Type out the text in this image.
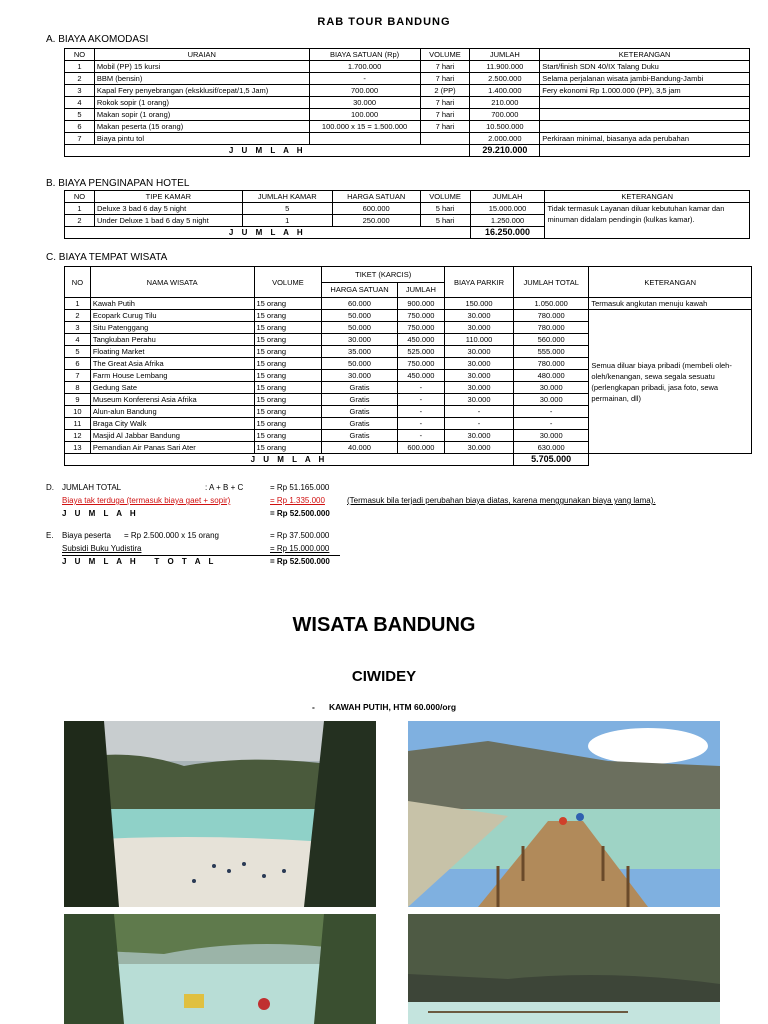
RAB TOUR BANDUNG
A. BIAYA AKOMODASI
NO	URAIAN	BIAYA SATUAN (Rp)	VOLUME	JUMLAH	KETERANGAN
1	Mobil (PP) 15 kursi	1.700.000	7 hari	11.900.000	Start/finish SDN 40/IX Talang Duku
2	BBM (bensin)	-	7 hari	2.500.000	Selama perjalanan wisata jambi-Bandung-Jambi
3	Kapal Fery penyebrangan (eksklusif/cepat/1,5 Jam)	700.000	2 (PP)	1.400.000	Fery ekonomi Rp 1.000.000 (PP), 3,5 jam
4	Rokok sopir (1 orang)	30.000	7 hari	210.000	
5	Makan sopir (1 orang)	100.000	7 hari	700.000	
6	Makan peserta (15 orang)	100.000 x 15 = 1.500.000	7 hari	10.500.000	
7	Biaya pintu tol			2.000.000	Perkiraan minimal, biasanya ada perubahan
J U M L A H				29.210.000	
B. BIAYA PENGINAPAN HOTEL
NO	TIPE KAMAR	JUMLAH KAMAR	HARGA SATUAN	VOLUME	JUMLAH	KETERANGAN
1	Deluxe 3 bad 6 day 5 night	5	600.000	5 hari	15.000.000	Tidak termasuk Layanan diluar kebutuhan kamar dan minuman didalam pendingin (kulkas kamar).
2	Under Deluxe 1 bad 6 day 5 night	1	250.000	5 hari	1.250.000	
J U M L A H					16.250.000	
C. BIAYA TEMPAT WISATA
NO	NAMA WISATA	VOLUME	TIKET (KARCIS)		BIAYA PARKIR	JUMLAH TOTAL	KETERANGAN
			HARGA SATUAN	JUMLAH			
1	Kawah Putih	15 orang	60.000	900.000	150.000	1.050.000	Termasuk angkutan menuju kawah
2	Ecopark Curug Tilu	15 orang	50.000	750.000	30.000	780.000	Semua diluar biaya pribadi (membeli oleh-oleh/kenangan, sewa segala sesuatu (perlengkapan pribadi, jasa foto, sewa permainan, dll)
3	Situ Patenggang	15 orang	50.000	750.000	30.000	780.000	
4	Tangkuban Perahu	15 orang	30.000	450.000	110.000	560.000	
5	Floating Market	15 orang	35.000	525.000	30.000	555.000	
6	The Great Asia Afrika	15 orang	50.000	750.000	30.000	780.000	
7	Farm House Lembang	15 orang	30.000	450.000	30.000	480.000	
8	Gedung Sate	15 orang	Gratis	-	30.000	30.000	
9	Museum Konferensi Asia Afrika	15 orang	Gratis	-	30.000	30.000	
10	Alun-alun Bandung	15 orang	Gratis	-	-	-	
11	Braga City Walk	15 orang	Gratis	-	-	-	
12	Masjid Al Jabbar Bandung	15 orang	Gratis	-	30.000	30.000	
13	Pemandian Air Panas Sari Ater	15 orang	40.000	600.000	30.000	630.000	
J U M L A H						5.705.000	
D. JUMLAH TOTAL	: A + B + C	= Rp 51.165.000
Biaya tak terduga (termasuk biaya gaet + sopir)	= Rp 1.335.000	(Termasuk bila terjadi perubahan biaya diatas, karena menggunakan biaya yang lama).
J U M L A H	= Rp 52.500.000
E. Biaya peserta = Rp 2.500.000 x 15 orang	= Rp 37.500.000
Subsidi Buku Yudistira	= Rp 15.000.000
J U M L A H   T O T A L	= Rp 52.500.000
WISATA BANDUNG
CIWIDEY
-      KAWAH PUTIH, HTM 60.000/org
